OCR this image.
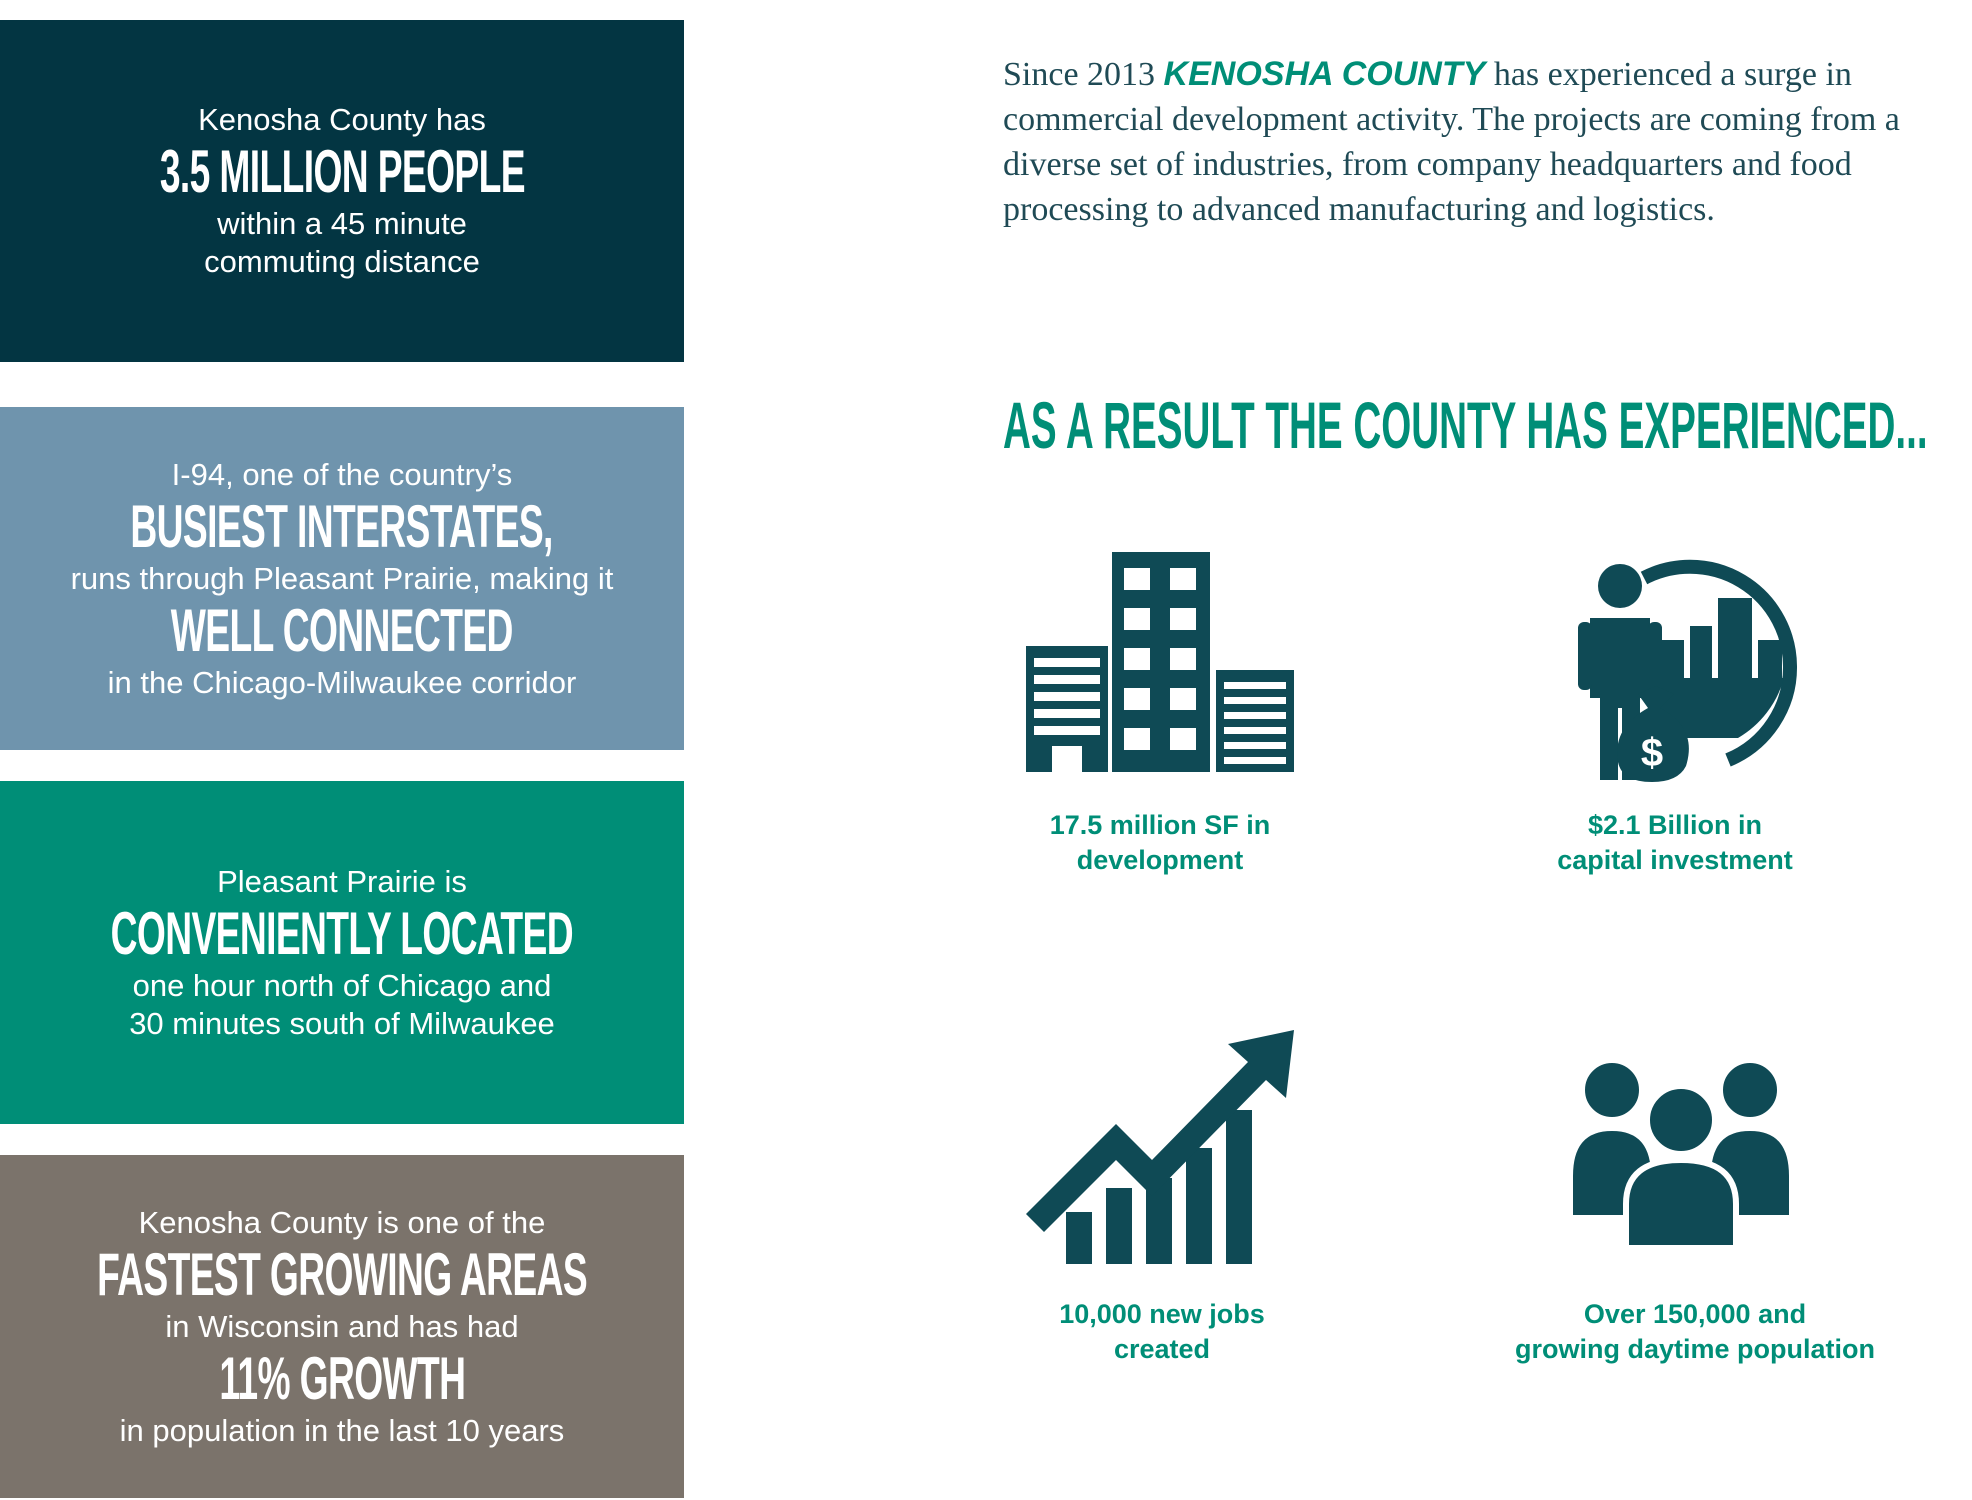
Kenosha County has
3.5 MILLION PEOPLE
within a 45 minute
commuting distance
I-94, one of the country’s
BUSIEST INTERSTATES,
runs through Pleasant Prairie, making it
WELL CONNECTED
in the Chicago-Milwaukee corridor
Pleasant Prairie is
CONVENIENTLY LOCATED
one hour north of Chicago and
30 minutes south of Milwaukee
Kenosha County is one of the
FASTEST GROWING AREAS
in Wisconsin and has had
11% GROWTH
in population in the last 10 years
Since 2013 KENOSHA COUNTY has experienced a surge in commercial development activity. The projects are coming from a diverse set of industries, from company headquarters and food processing to advanced manufacturing and logistics.
AS A RESULT THE COUNTY HAS EXPERIENCED...
17.5 million SF in
development
$
$2.1 Billion in
capital investment
10,000 new jobs
created
Over 150,000 and
growing daytime population
